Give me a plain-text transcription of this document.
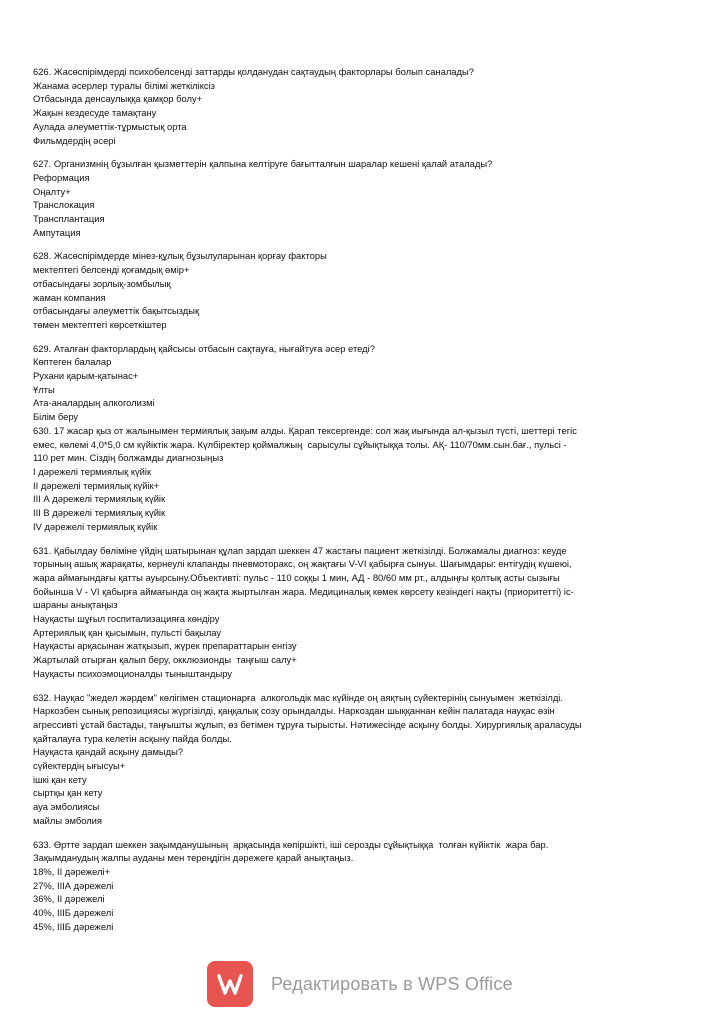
626. Жасөспірімдерді психобелсенді заттарды қолданудан сақтаудың факторлары болып саналады?
Жанама әсерлер туралы білімі жеткіліксіз
Отбасында денсаулыққа қамқор болу+
Жақын кездесуде тамақтану
Аулада әлеуметтік-тұрмыстық орта
Фильмдердің әсері
627. Организмнің бұзылған қызметтерін қалпына келтіруге бағытталғын шаралар кешені қалай аталады?
Реформация
Оңалту+
Транслокация
Трансплантация
Ампутация
628. Жасөспірімдерде мінез-құлық бұзылуларынан қорғау факторы
мектептегі белсенді қоғамдық өмір+
отбасындағы зорлық-зомбылық
жаман компания
отбасындағы әлеуметтік бақытсыздық
төмен мектептегі көрсеткіштер
629. Аталған факторлардың қайсысы отбасын сақтауға, нығайтуға әсер етеді?
Көптеген балалар
Рухани қарым-қатынас+
Ұлты
Ата-аналардың алкоголизмі
Білім беру
630. 17 жасар қыз от жалынымен термиялық зақым алды. Қарап тексергенде: сол жақ иығында ал-қызыл түсті, шеттері тегіс
емес, көлемі 4,0*5,0 см күйіктік жара. Күлбіректер қоймалжың  сарысулы сұйықтыққа толы. АҚ- 110/70мм.сын.бағ., пульсі -
110 рет мин. Сіздің болжамды диагнозыңыз
I дәрежелі термиялық күйік
II дәрежелі термиялық күйік+
III А дәрежелі термиялық күйік
III В дәрежелі термиялық күйік
IV дәрежелі термиялық күйік
631. Қабылдау бөліміне үйдің шатырынан құлап зардап шеккен 47 жастағы пациент жеткізілді. Болжамалы диагноз: кеуде
торының ашық жарақаты, кернеулі клапанды пневмоторакс, оң жақтағы V-VI қабырға сынуы. Шағымдары: ентігудің күшеюі,
жара аймағындағы қатты ауырсыну.Объективті: пульс - 110 соққы 1 мин, АД - 80/60 мм рт., алдыңғы қолтық асты сызығы
бойынша V - VI қабырға аймағында оң жақта жыртылған жара. Медициналық көмек көрсету кезіндегі нақты (приоритетті) іс-
шараны анықтаңыз
Науқасты шұғыл госпитализацияға көндіру
Артериялық қан қысымын, пульсті бақылау
Науқасты арқасынан жатқызып, жүрек препараттарын енгізу
Жартылай отырған қалып беру, окклюзионды  таңғыш салу+
Науқасты психоэмоционалды тыныштандыру
632. Науқас "жедел жәрдем" көлігімен стационарға  алкогольдік мас күйінде оң аяқтың сүйектерінің сынуымен  жеткізілді.
Наркозбен сынық репозициясы жүргізілді, қаңқалық созу орындалды. Наркоздан шыққаннан кейін палатада науқас өзін
агрессивті ұстай бастады, таңғышты жұлып, өз бетімен тұруға тырысты. Нәтижесінде асқыну болды. Хирургиялық араласуды
қайталауға тура келетін асқыну пайда болды.
Науқаста қандай асқыну дамыды?
сүйектердің ығысуы+
ішкі қан кету
сыртқы қан кету
ауа эмболиясы
майлы эмболия
633. Өртте зардап шеккен зақымданушының  арқасында көпіршікті, іші серозды сұйықтыққа  толған күйіктік  жара бар.
Зақымданудың жалпы ауданы мен тереңдігін дәрежеге қарай анықтаңыз.
18%, II дәрежелі+
27%, IIIА дәрежелі
36%, II дәрежелі
40%, IIIБ дәрежелі
45%, IIIБ дәрежелі
Редактировать в WPS Office
